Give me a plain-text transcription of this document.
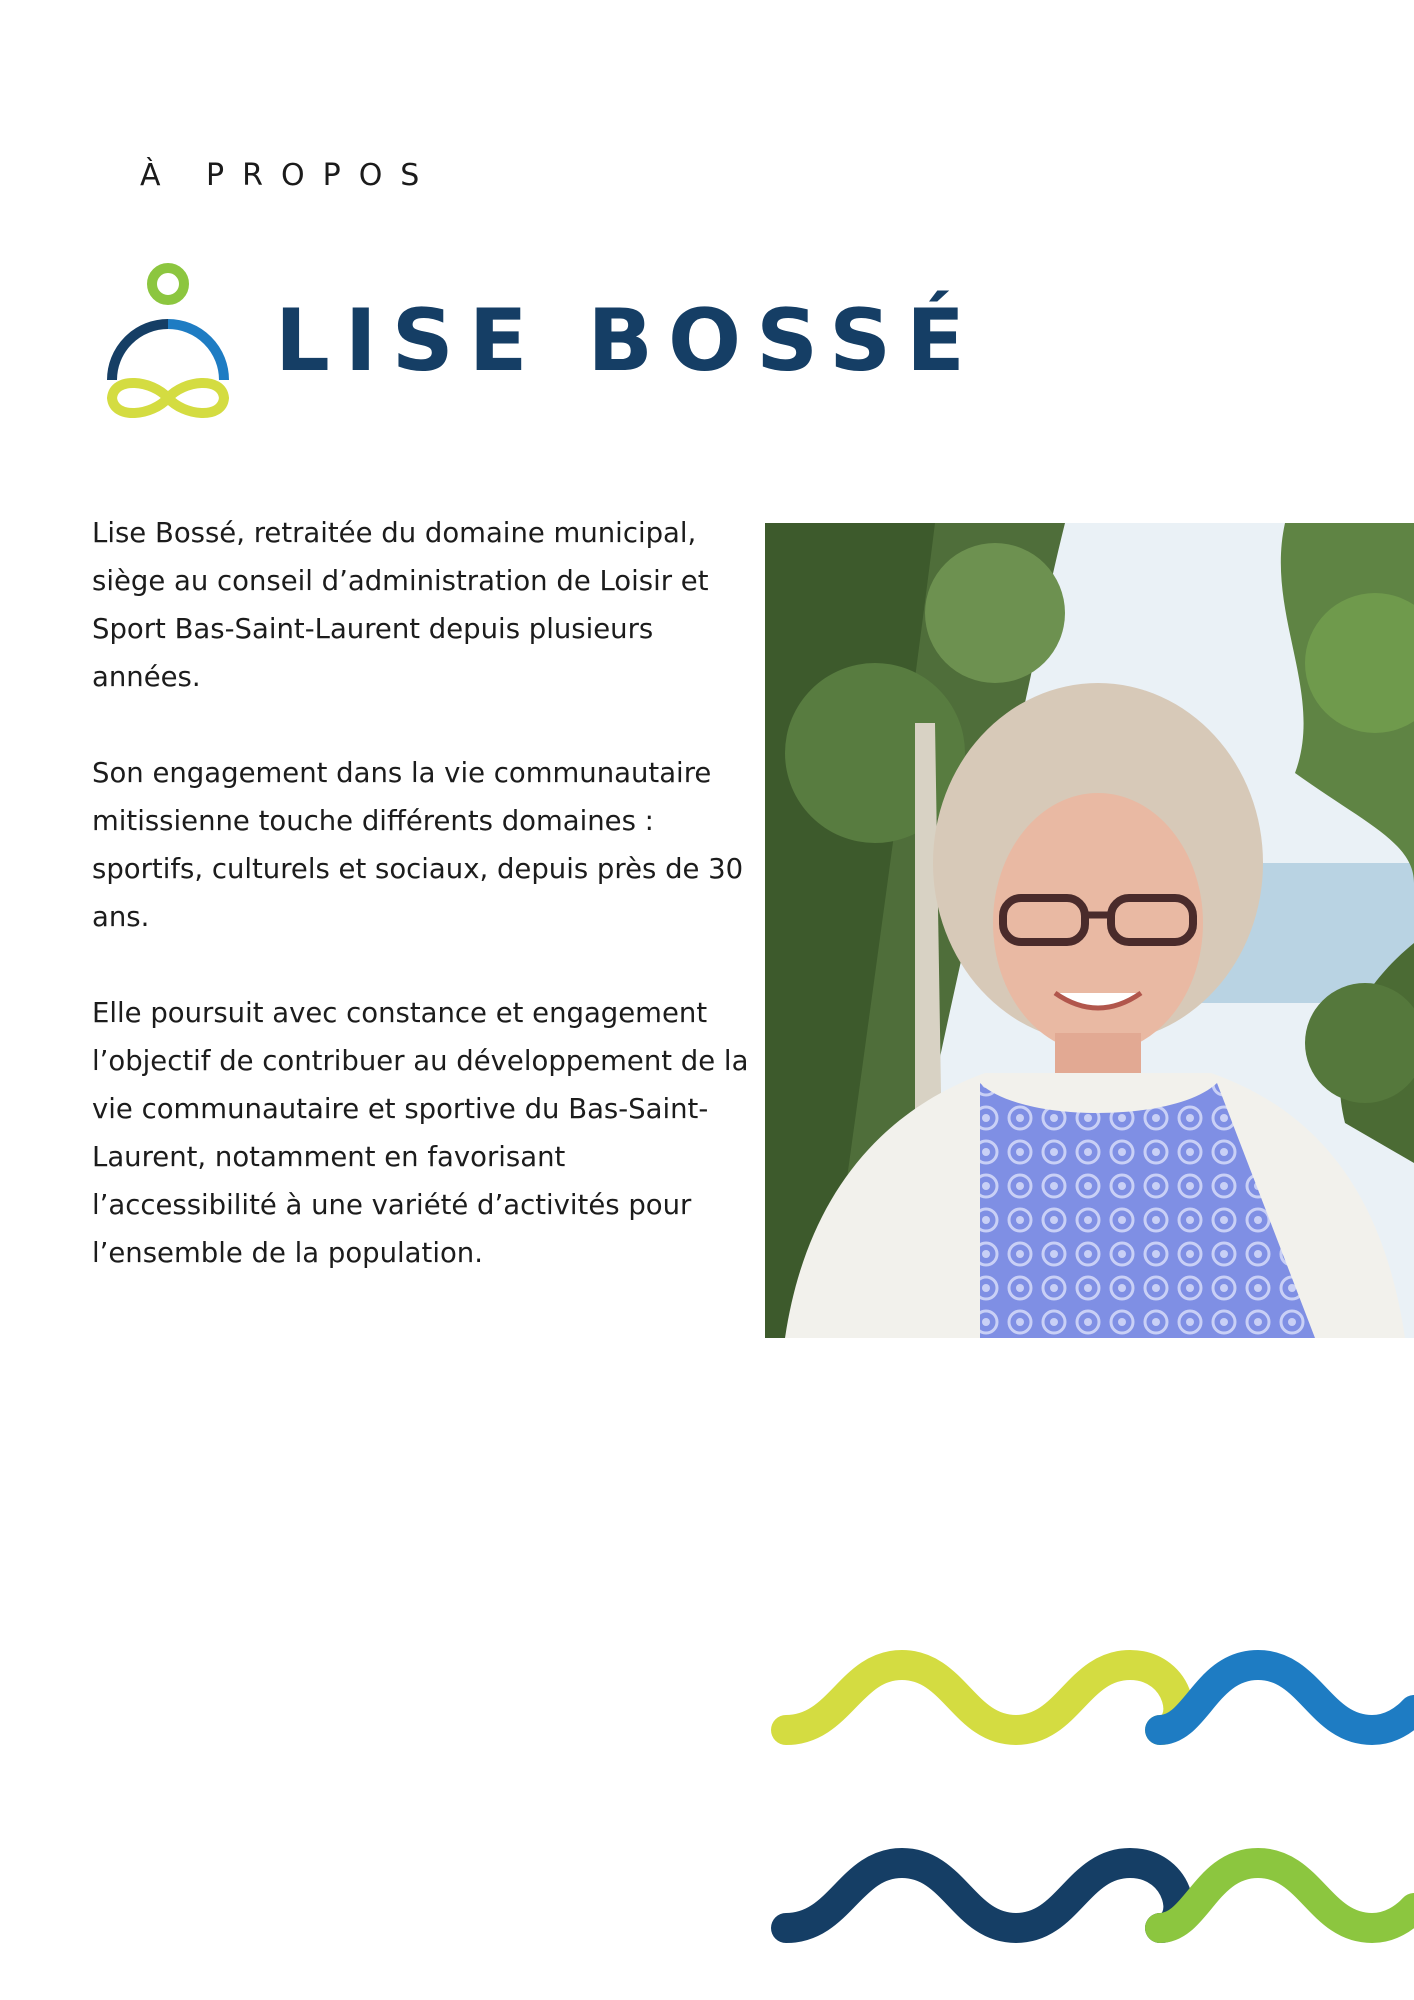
À PROPOS
LISE BOSSÉ

Lise Bossé, retraitée du domaine municipal, siège au conseil d’administration de Loisir et Sport Bas-Saint-Laurent depuis plusieurs années.

Son engagement dans la vie communautaire mitissienne touche différents domaines : sportifs, culturels et sociaux, depuis près de 30 ans.

Elle poursuit avec constance et engagement l’objectif de contribuer au développement de la vie communautaire et sportive du Bas-Saint-Laurent, notamment en favorisant l’accessibilité à une variété d’activités pour l’ensemble de la population.
